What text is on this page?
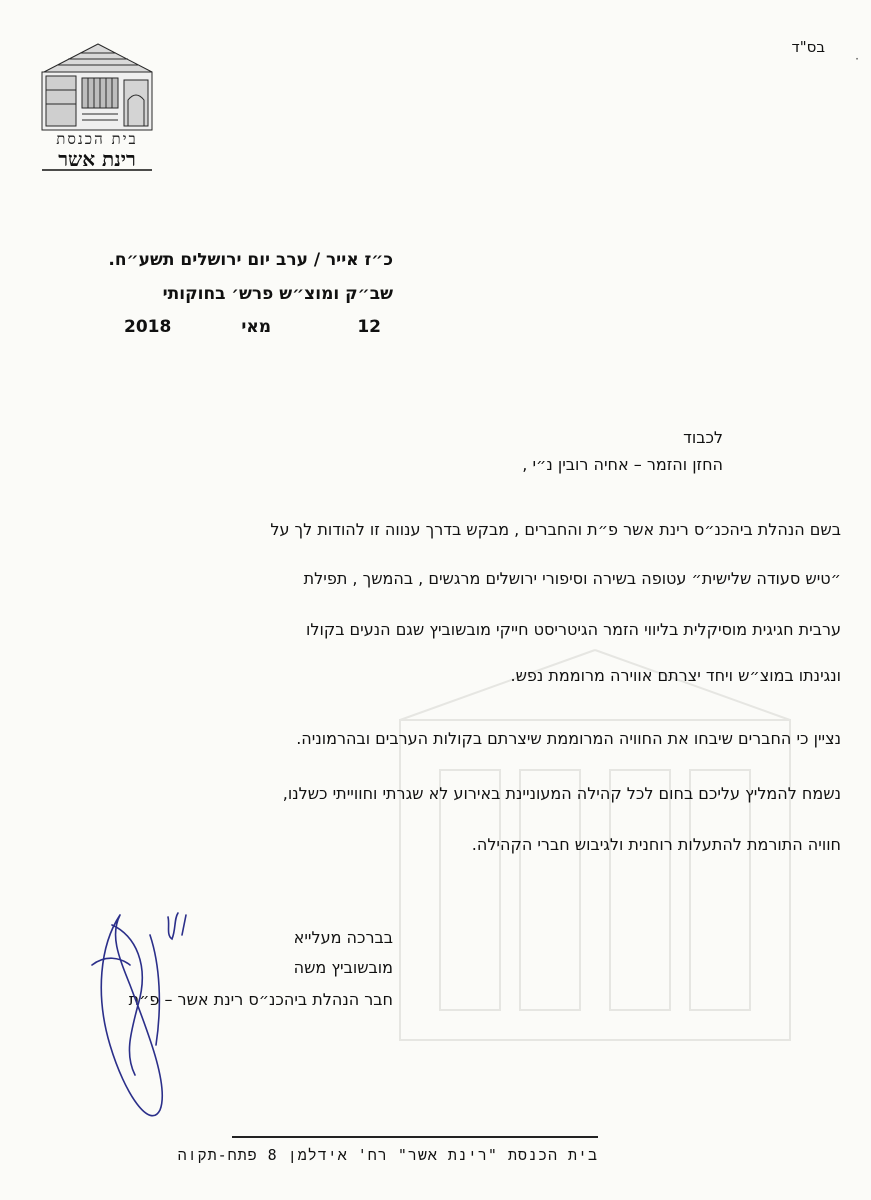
בס"ד
·
בית הכנסת
רינת אשר
כ״ז אייר / ערב יום ירושלים תשע״ח.
שב״ק ומוצ״ש פרש׳ בחוקותי
12
מאי
2018
לכבוד
החזן והזמר – אחיה רובין נ״י ,
בשם הנהלת ביהכנ״ס רינת אשר פ״ת והחברים , מבקש בדרך ענווה זו להודות לך על
״טיש סעודה שלישית״ עטופה בשירה וסיפורי ירושלים מרגשים , בהמשך , תפילת
ערבית חגיגית מוסיקלית בליווי הזמר הגיטריסט חייקי מובשוביץ שגם הנעים בקולו
ונגינתו במוצ״ש ויחד יצרתם אווירה מרוממת נפש.
נציין כי החברים שיבחו את החוויה המרוממת שיצרתם בקולות הערבים ובהרמוניה.
נשמח להמליץ עליכם בחום לכל קהילה המעוניינת באירוע לא שגרתי וחווייתי כשלנו,
חוויה התורמת להתעלות רוחנית ולגיבוש חברי הקהילה.
בברכה מעלייא
מובשוביץ משה
חבר הנהלת ביהכנ״ס רינת אשר – פ״ת
בית הכנסת "רינת אשר" רח' אידלמן 8 פתח-תקוה
